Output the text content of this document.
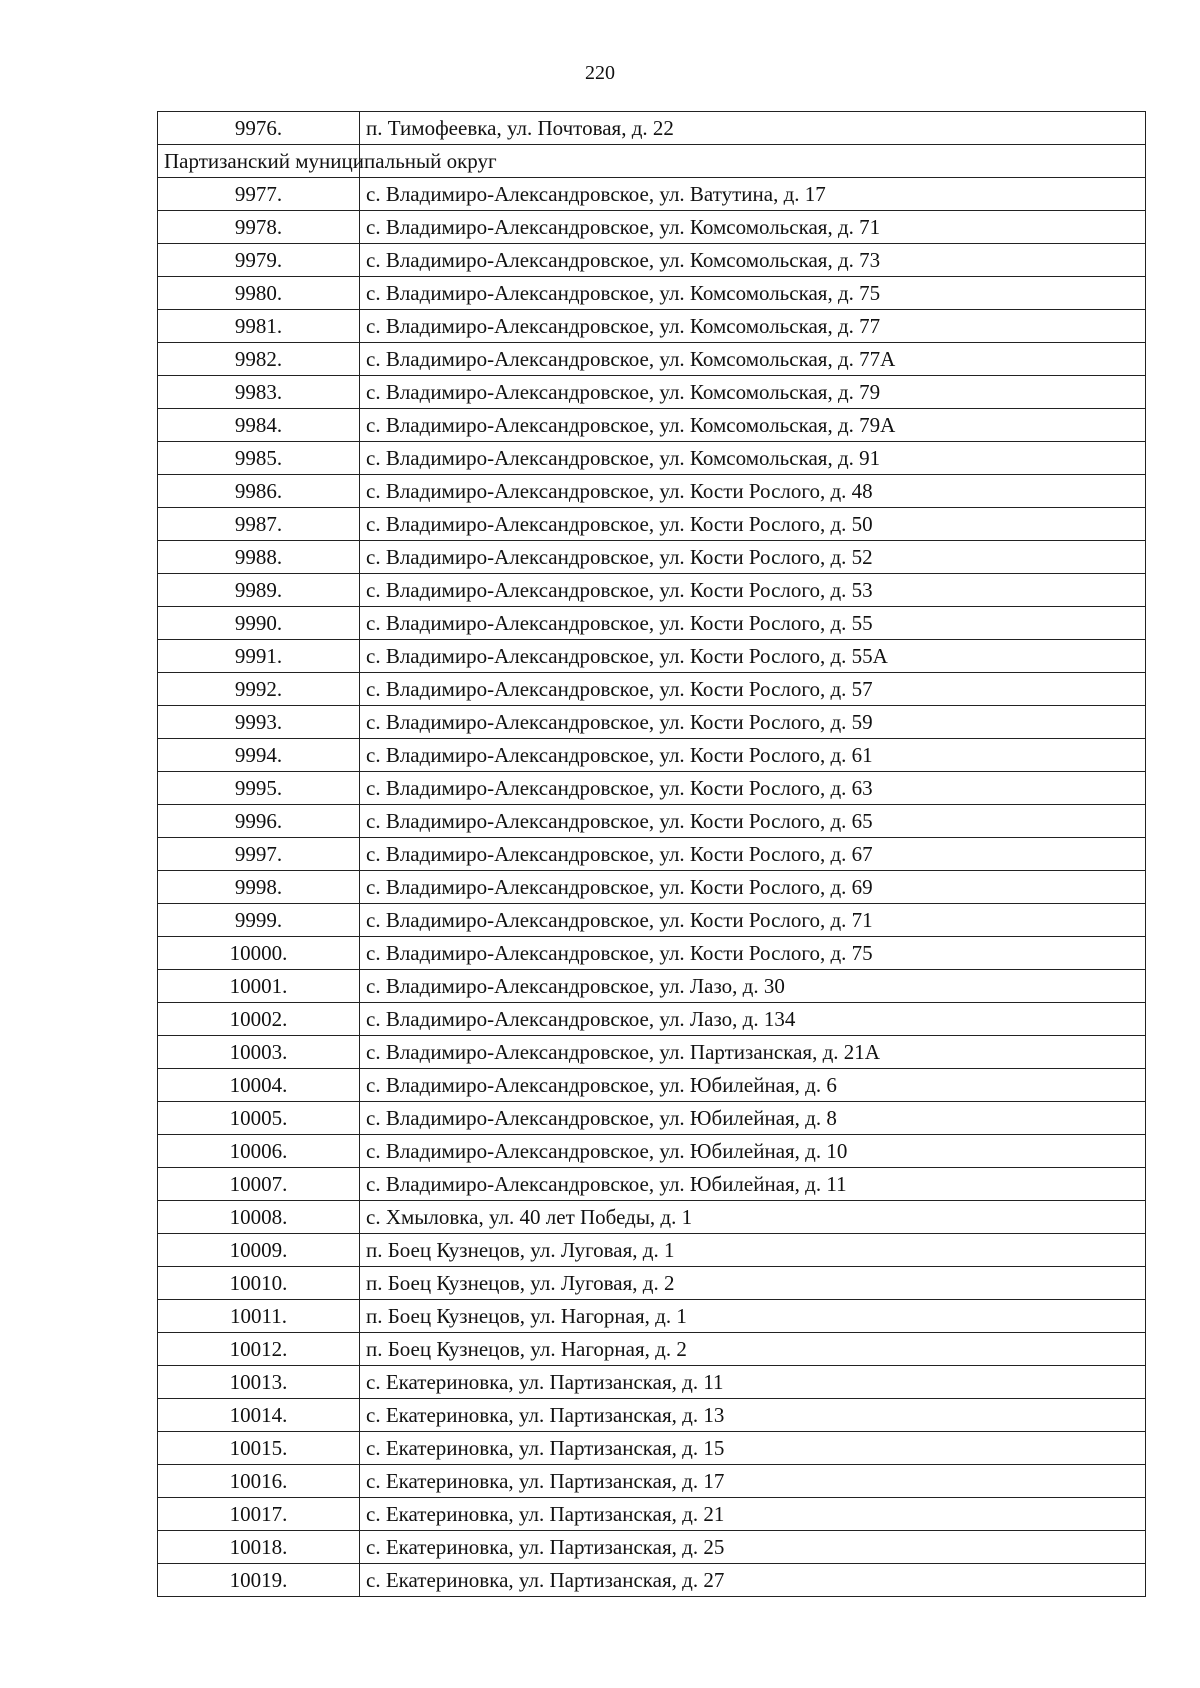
220
9976.	п. Тимофеевка, ул. Почтовая, д. 22
Партизанский муниципальный округ	
9977.	с. Владимиро-Александровское, ул. Ватутина, д. 17
9978.	с. Владимиро-Александровское, ул. Комсомольская, д. 71
9979.	с. Владимиро-Александровское, ул. Комсомольская, д. 73
9980.	с. Владимиро-Александровское, ул. Комсомольская, д. 75
9981.	с. Владимиро-Александровское, ул. Комсомольская, д. 77
9982.	с. Владимиро-Александровское, ул. Комсомольская, д. 77А
9983.	с. Владимиро-Александровское, ул. Комсомольская, д. 79
9984.	с. Владимиро-Александровское, ул. Комсомольская, д. 79А
9985.	с. Владимиро-Александровское, ул. Комсомольская, д. 91
9986.	с. Владимиро-Александровское, ул. Кости Рослого, д. 48
9987.	с. Владимиро-Александровское, ул. Кости Рослого, д. 50
9988.	с. Владимиро-Александровское, ул. Кости Рослого, д. 52
9989.	с. Владимиро-Александровское, ул. Кости Рослого, д. 53
9990.	с. Владимиро-Александровское, ул. Кости Рослого, д. 55
9991.	с. Владимиро-Александровское, ул. Кости Рослого, д. 55А
9992.	с. Владимиро-Александровское, ул. Кости Рослого, д. 57
9993.	с. Владимиро-Александровское, ул. Кости Рослого, д. 59
9994.	с. Владимиро-Александровское, ул. Кости Рослого, д. 61
9995.	с. Владимиро-Александровское, ул. Кости Рослого, д. 63
9996.	с. Владимиро-Александровское, ул. Кости Рослого, д. 65
9997.	с. Владимиро-Александровское, ул. Кости Рослого, д. 67
9998.	с. Владимиро-Александровское, ул. Кости Рослого, д. 69
9999.	с. Владимиро-Александровское, ул. Кости Рослого, д. 71
10000.	с. Владимиро-Александровское, ул. Кости Рослого, д. 75
10001.	с. Владимиро-Александровское, ул. Лазо, д. 30
10002.	с. Владимиро-Александровское, ул. Лазо, д. 134
10003.	с. Владимиро-Александровское, ул. Партизанская, д. 21А
10004.	с. Владимиро-Александровское, ул. Юбилейная, д. 6
10005.	с. Владимиро-Александровское, ул. Юбилейная, д. 8
10006.	с. Владимиро-Александровское, ул. Юбилейная, д. 10
10007.	с. Владимиро-Александровское, ул. Юбилейная, д. 11
10008.	с. Хмыловка, ул. 40 лет Победы, д. 1
10009.	п. Боец Кузнецов, ул. Луговая, д. 1
10010.	п. Боец Кузнецов, ул. Луговая, д. 2
10011.	п. Боец Кузнецов, ул. Нагорная, д. 1
10012.	п. Боец Кузнецов, ул. Нагорная, д. 2
10013.	с. Екатериновка, ул. Партизанская, д. 11
10014.	с. Екатериновка, ул. Партизанская, д. 13
10015.	с. Екатериновка, ул. Партизанская, д. 15
10016.	с. Екатериновка, ул. Партизанская, д. 17
10017.	с. Екатериновка, ул. Партизанская, д. 21
10018.	с. Екатериновка, ул. Партизанская, д. 25
10019.	с. Екатериновка, ул. Партизанская, д. 27
